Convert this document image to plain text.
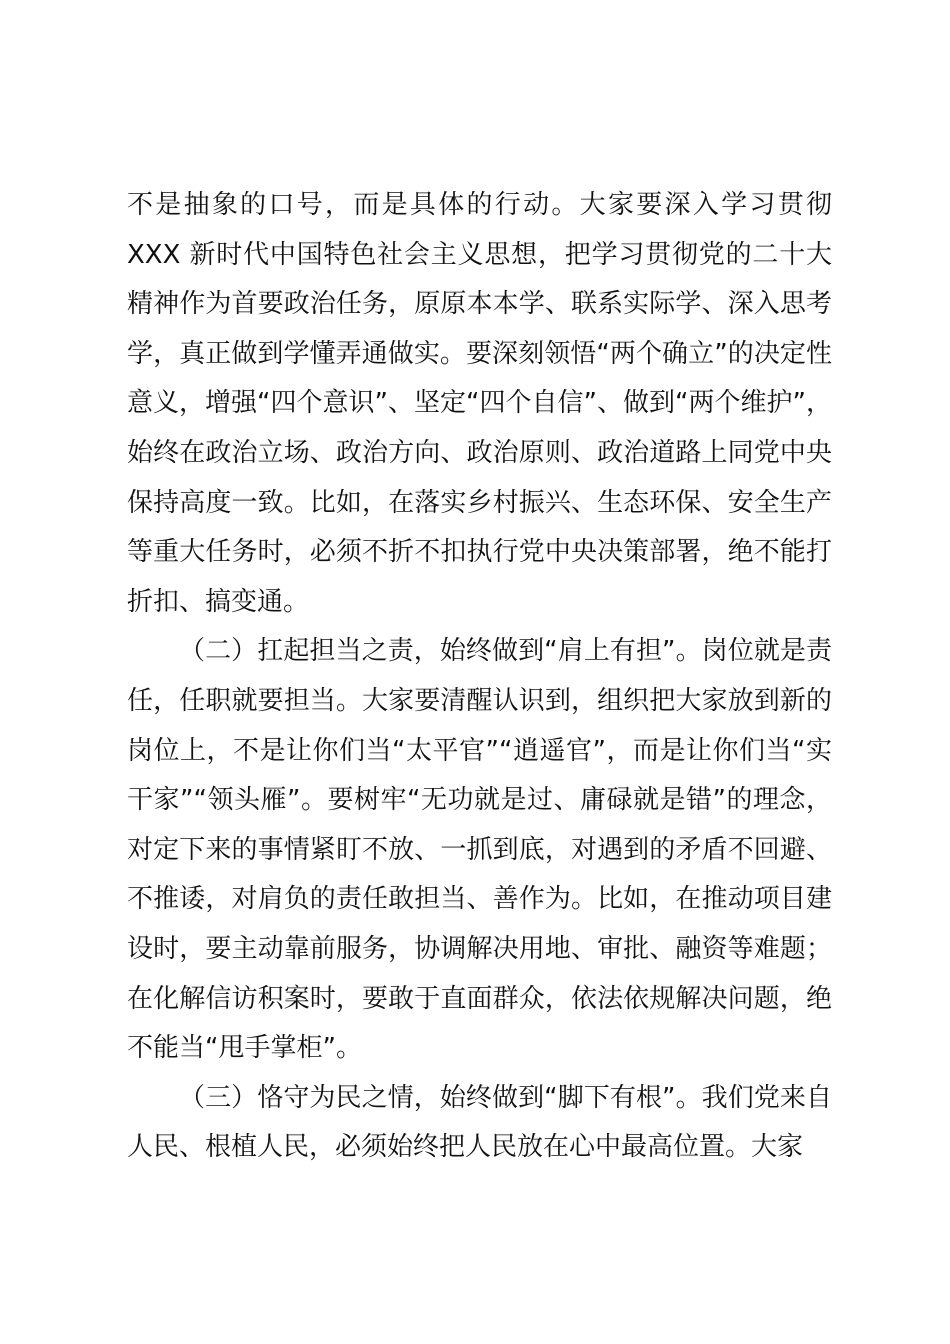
不是抽象的口号，而是具体的行动。大家要深入学习贯彻 XXX 新时代中国特色社会主义思想，把学习贯彻党的二十大精神作为首要政治任务，原原本本学、联系实际学、深入思考学，真正做到学懂弄通做实。要深刻领悟“两个确立”的决定性意义，增强“四个意识”、坚定“四个自信”、做到“两个维护”，始终在政治立场、政治方向、政治原则、政治道路上同党中央保持高度一致。比如，在落实乡村振兴、生态环保、安全生产等重大任务时，必须不折不扣执行党中央决策部署，绝不能打折扣、搞变通。

（二）扛起担当之责，始终做到“肩上有担”。岗位就是责任，任职就要担当。大家要清醒认识到，组织把大家放到新的岗位上，不是让你们当“太平官”“逍遥官”，而是让你们当“实干家”“领头雁”。要树牢“无功就是过、庸碌就是错”的理念，对定下来的事情紧盯不放、一抓到底，对遇到的矛盾不回避、不推诿，对肩负的责任敢担当、善作为。比如，在推动项目建设时，要主动靠前服务，协调解决用地、审批、融资等难题；在化解信访积案时，要敢于直面群众，依法依规解决问题，绝不能当“甩手掌柜”。

（三）恪守为民之情，始终做到“脚下有根”。我们党来自人民、根植人民，必须始终把人民放在心中最高位置。大家
